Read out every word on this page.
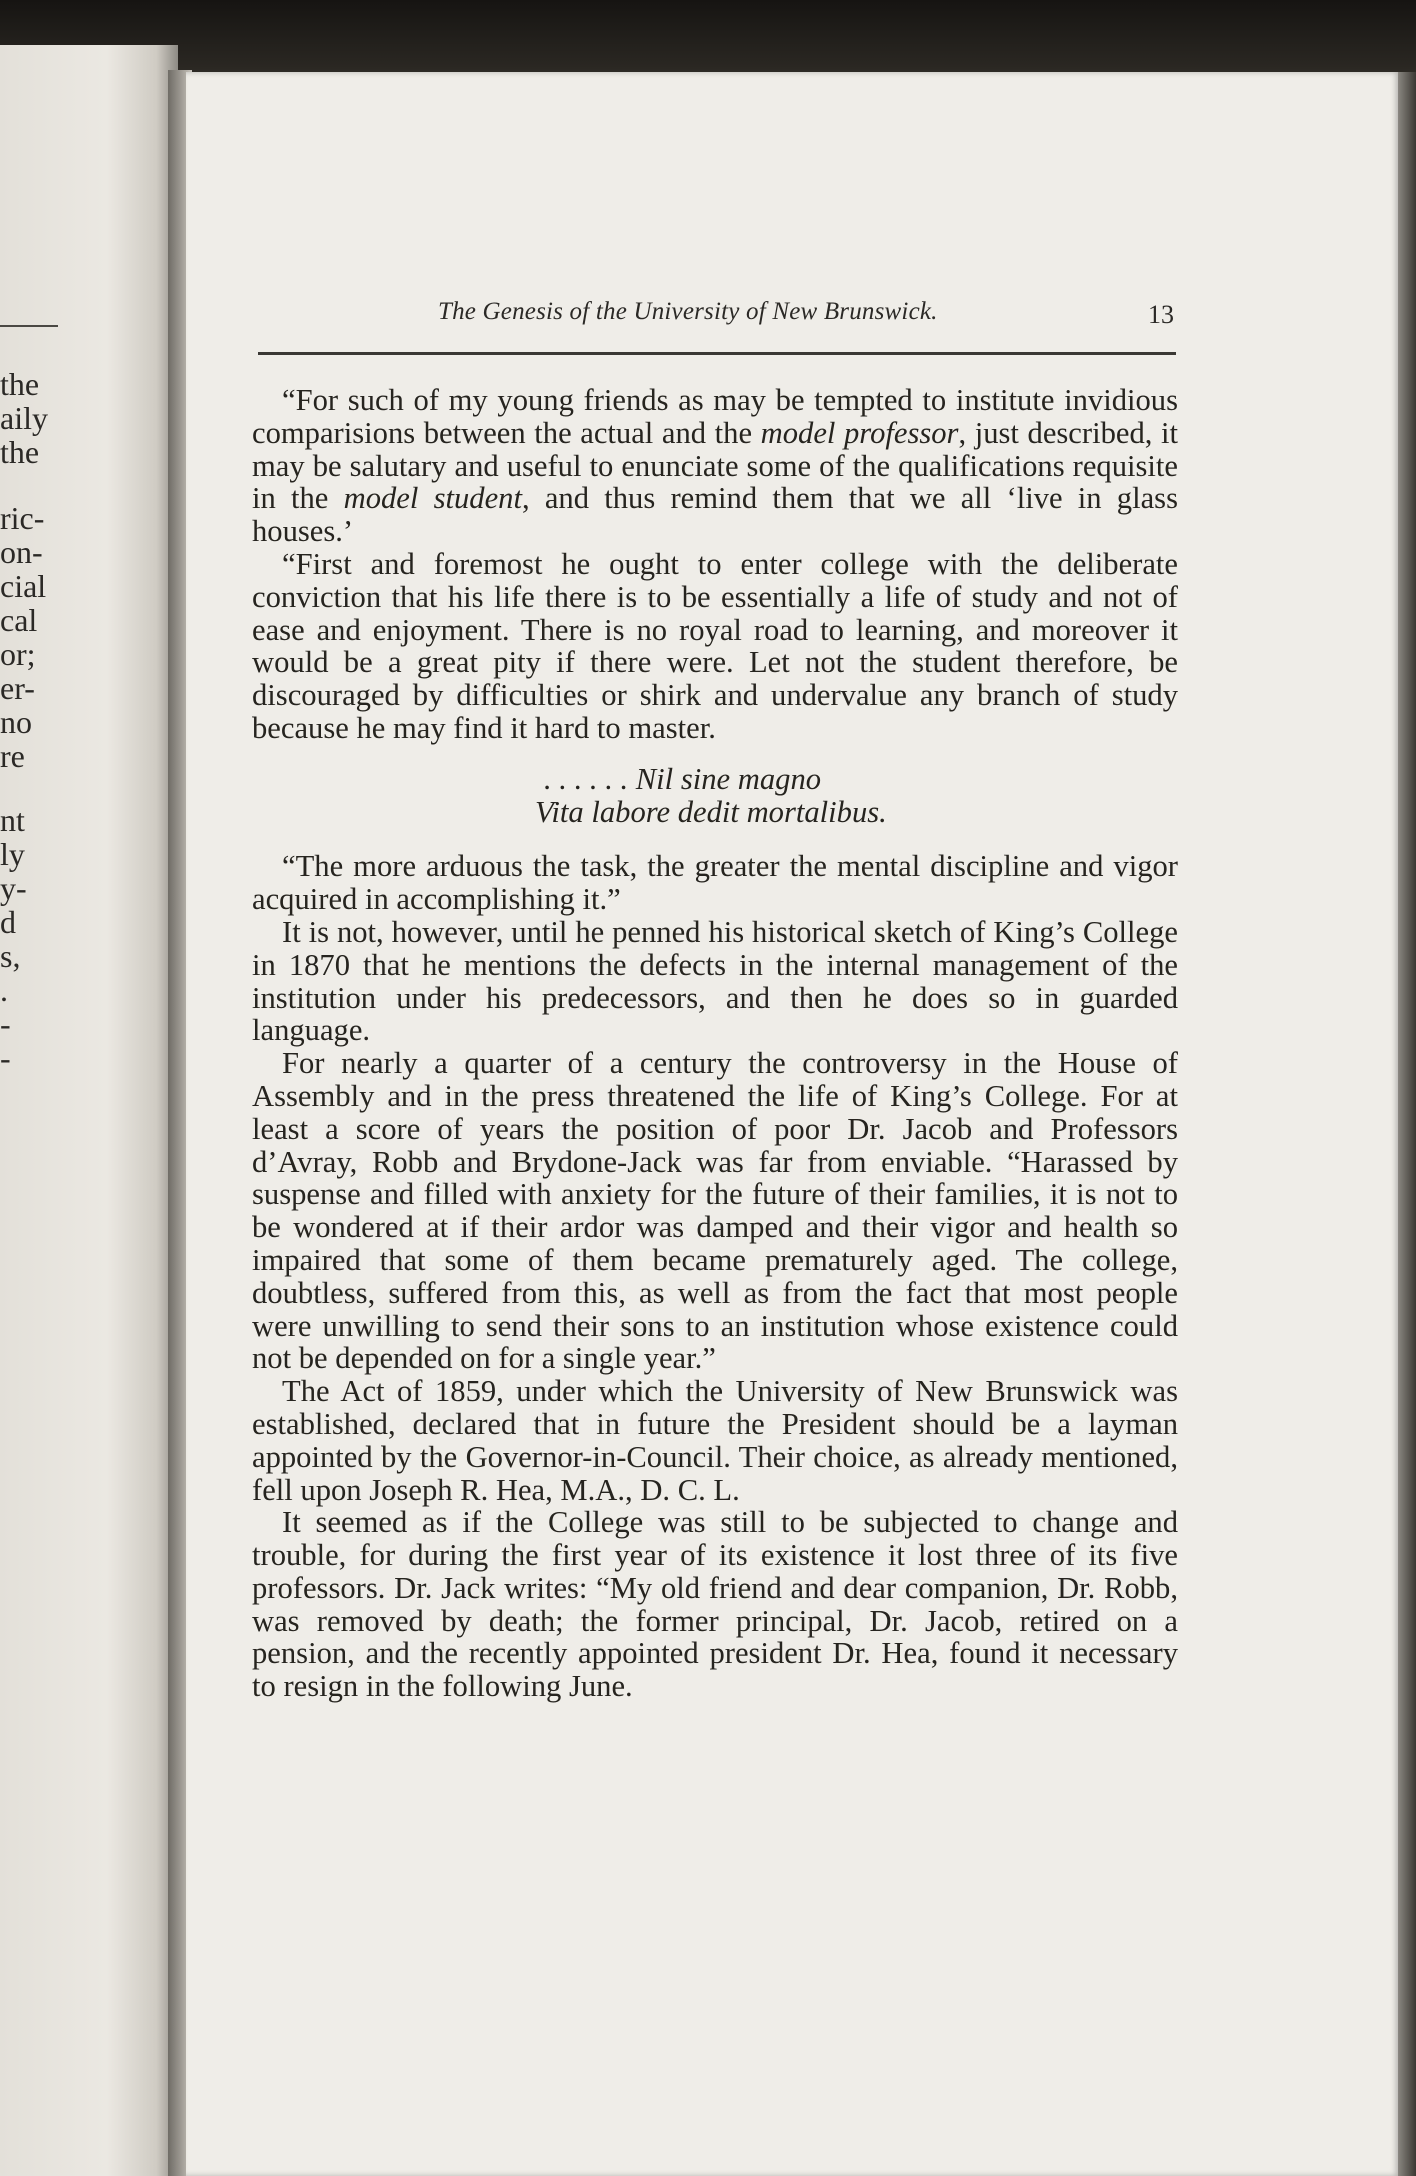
the
aily
the
ric-
on-
cial
cal
or;
er-
no
re
nt
ly
y-
d
s,
.
-
-
The Genesis of the University of New Brunswick.	13

“For such of my young friends as may be tempted to institute invidious comparisions between the actual and the model professor, just described, it may be salutary and useful to enunciate some of the qualifications requisite in the model student, and thus remind them that we all ‘live in glass houses.’

“First and foremost he ought to enter college with the deliberate conviction that his life there is to be essentially a life of study and not of ease and enjoyment. There is no royal road to learning, and moreover it would be a great pity if there were. Let not the student therefore, be discouraged by difficulties or shirk and undervalue any branch of study because he may find it hard to master.

. . . . . . Nil sine magno
Vita labore dedit mortalibus.

“The more arduous the task, the greater the mental discipline and vigor acquired in accomplishing it.”

It is not, however, until he penned his historical sketch of King’s College in 1870 that he mentions the defects in the internal management of the institution under his predecessors, and then he does so in guarded language.

For nearly a quarter of a century the controversy in the House of Assembly and in the press threatened the life of King’s College. For at least a score of years the position of poor Dr. Jacob and Professors d’Avray, Robb and Brydone-Jack was far from enviable. “Harassed by suspense and filled with anxiety for the future of their families, it is not to be wondered at if their ardor was damped and their vigor and health so impaired that some of them became prematurely aged. The college, doubtless, suffered from this, as well as from the fact that most people were unwilling to send their sons to an institution whose existence could not be depended on for a single year.”

The Act of 1859, under which the University of New Brunswick was established, declared that in future the President should be a layman appointed by the Governor-in-Council. Their choice, as already mentioned, fell upon Joseph R. Hea, M.A., D. C. L.

It seemed as if the College was still to be subjected to change and trouble, for during the first year of its existence it lost three of its five professors. Dr. Jack writes: “My old friend and dear companion, Dr. Robb, was removed by death; the former principal, Dr. Jacob, retired on a pension, and the recently appointed president Dr. Hea, found it necessary to resign in the following June.
